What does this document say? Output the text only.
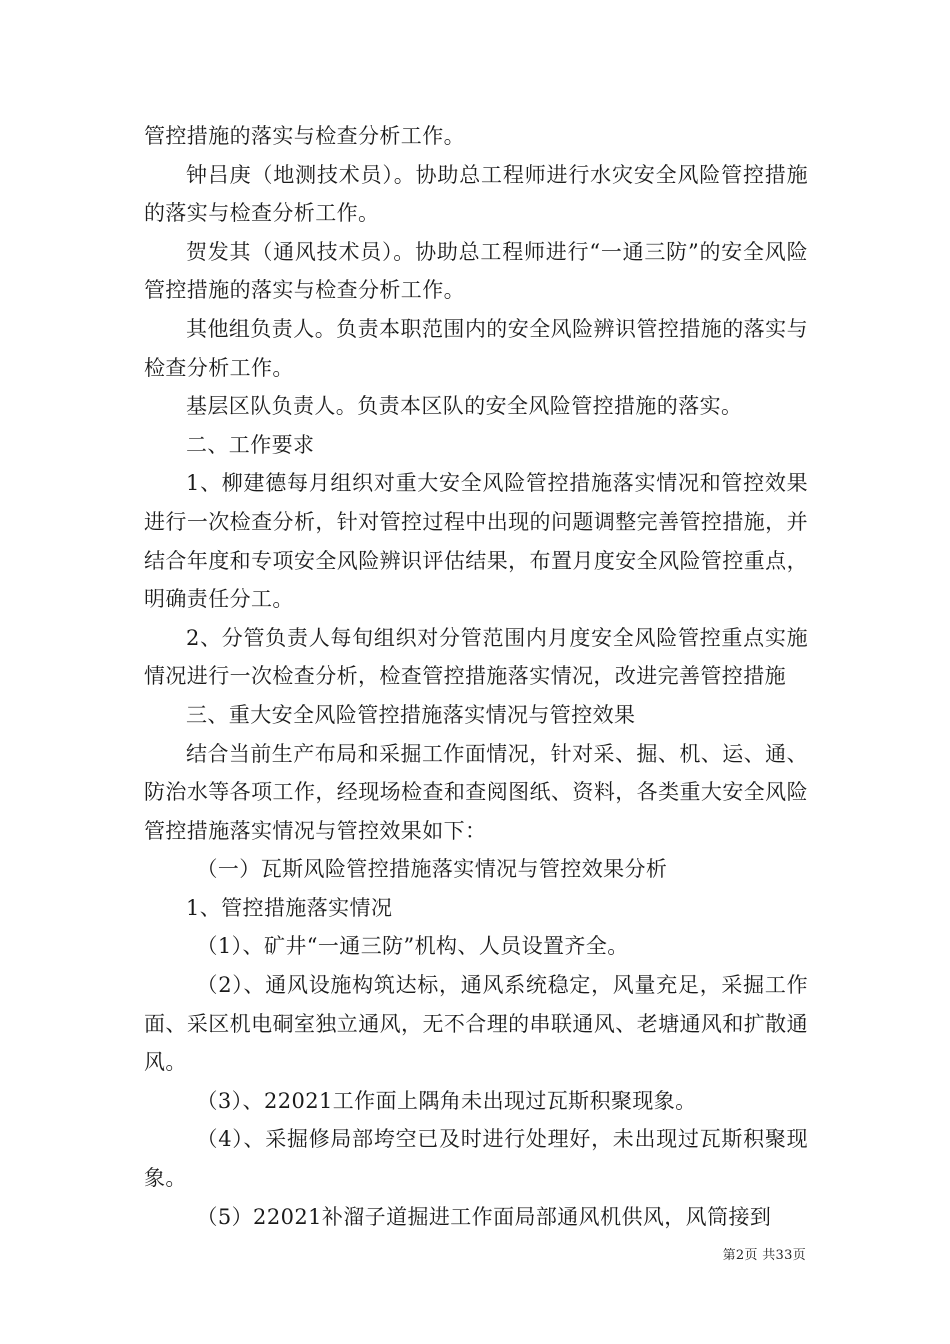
管控措施的落实与检查分析工作。

钟吕庚（地测技术员）。协助总工程师进行水灾安全风险管控措施的落实与检查分析工作。

贺发其（通风技术员）。协助总工程师进行“一通三防”的安全风险管控措施的落实与检查分析工作。

其他组负责人。负责本职范围内的安全风险辨识管控措施的落实与检查分析工作。

基层区队负责人。负责本区队的安全风险管控措施的落实。

二、工作要求

1、柳建德每月组织对重大安全风险管控措施落实情况和管控效果进行一次检查分析，针对管控过程中出现的问题调整完善管控措施，并结合年度和专项安全风险辨识评估结果，布置月度安全风险管控重点，明确责任分工。

2、分管负责人每旬组织对分管范围内月度安全风险管控重点实施情况进行一次检查分析，检查管控措施落实情况，改进完善管控措施

三、重大安全风险管控措施落实情况与管控效果

结合当前生产布局和采掘工作面情况，针对采、掘、机、运、通、防治水等各项工作，经现场检查和查阅图纸、资料，各类重大安全风险管控措施落实情况与管控效果如下：

（一）瓦斯风险管控措施落实情况与管控效果分析

1、管控措施落实情况

（1）、矿井“一通三防”机构、人员设置齐全。

（2）、通风设施构筑达标，通风系统稳定，风量充足，采掘工作面、采区机电硐室独立通风，无不合理的串联通风、老塘通风和扩散通风。

（3）、22021工作面上隅角未出现过瓦斯积聚现象。

（4）、采掘修局部垮空已及时进行处理好，未出现过瓦斯积聚现象。

（5）22021补溜子道掘进工作面局部通风机供风，风筒接到

第2页 共33页
